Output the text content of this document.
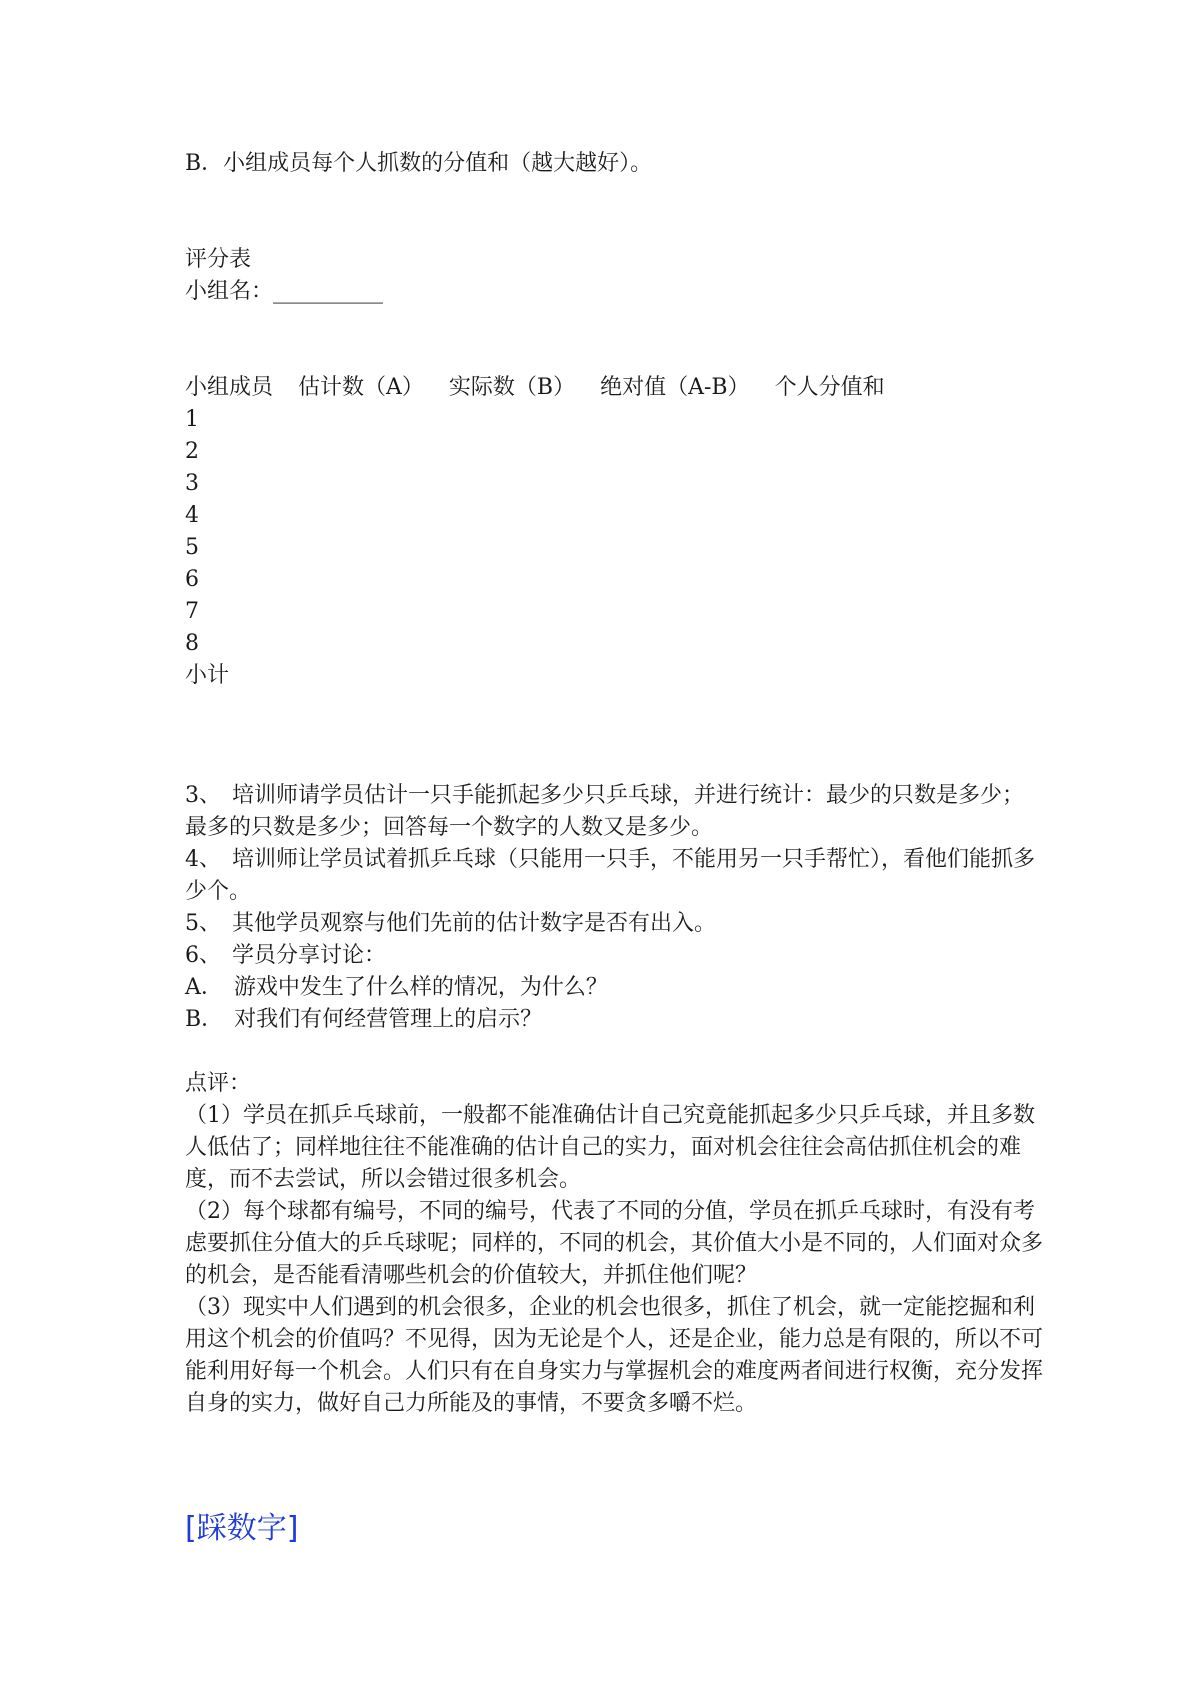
B．小组成员每个人抓数的分值和（越大越好）。
评分表
小组名：__________
小组成员 估计数（A） 实际数（B） 绝对值（A-B） 个人分值和
1
2
3
4
5
6
7
8
小计
3、　培训师请学员估计一只手能抓起多少只乒乓球，并进行统计：最少的只数是多少；最多的只数是多少；回答每一个数字的人数又是多少。
4、　培训师让学员试着抓乒乓球（只能用一只手，不能用另一只手帮忙），看他们能抓多少个。
5、　其他学员观察与他们先前的估计数字是否有出入。
6、　学员分享讨论：
A．　游戏中发生了什么样的情况，为什么？
B．　对我们有何经营管理上的启示？
点评：
（1）学员在抓乒乓球前，一般都不能准确估计自己究竟能抓起多少只乒乓球，并且多数人低估了；同样地往往不能准确的估计自己的实力，面对机会往往会高估抓住机会的难度，而不去尝试，所以会错过很多机会。
（2）每个球都有编号，不同的编号，代表了不同的分值，学员在抓乒乓球时，有没有考虑要抓住分值大的乒乓球呢；同样的，不同的机会，其价值大小是不同的，人们面对众多的机会，是否能看清哪些机会的价值较大，并抓住他们呢？
（3）现实中人们遇到的机会很多，企业的机会也很多，抓住了机会，就一定能挖掘和利用这个机会的价值吗？不见得，因为无论是个人，还是企业，能力总是有限的，所以不可能利用好每一个机会。人们只有在自身实力与掌握机会的难度两者间进行权衡，充分发挥自身的实力，做好自己力所能及的事情，不要贪多嚼不烂。
[踩数字]
